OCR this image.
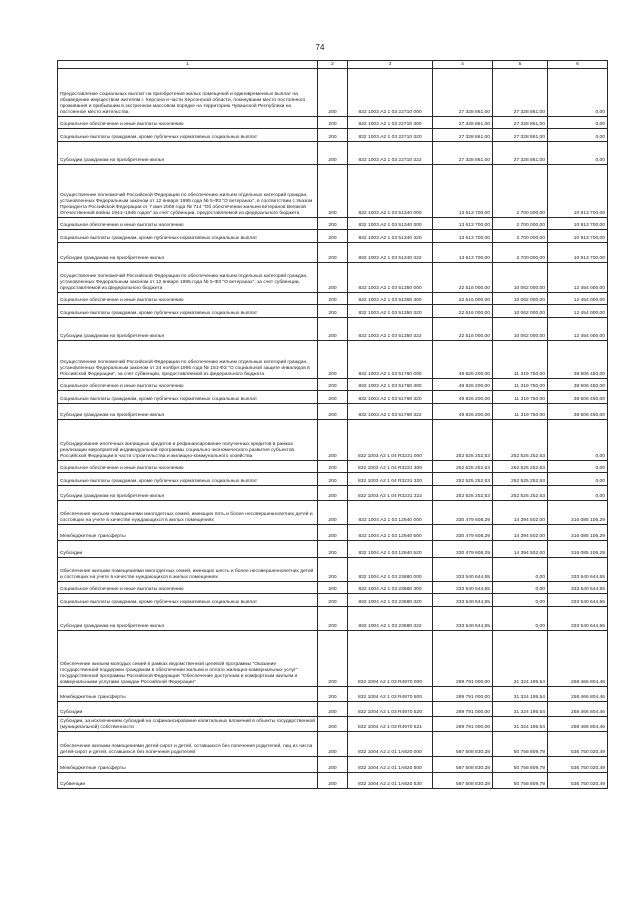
74
1	2	3	4	5	6
Предоставление социальных выплат на приобретение жилых помещений и единовременных выплат на обзаведение имуществом жителям г. Херсона и части Херсонской области, покинувшим место постоянного проживания и прибывшим в экстренном массовом порядке на территорию Чувашской Республики на постоянное место жительства	200	832 1003 А2 1 03 22710 000	27 328 861,00	27 328 861,00	0,00
Социальное обеспечение и иные выплаты населению	200	832 1003 А2 1 03 22710 300	27 328 861,00	27 328 861,00	0,00
Социальные выплаты гражданам, кроме публичных нормативных социальных выплат	200	832 1003 А2 1 03 22710 320	27 328 861,00	27 328 861,00	0,00
Субсидии гражданам на приобретение жилья	200	832 1003 А2 1 03 22710 322	27 328 861,00	27 328 861,00	0,00
Осуществление полномочий Российской Федерации по обеспечению жильем отдельных категорий граждан, установленных Федеральным законом от 12 января 1995 года № 5-ФЗ "О ветеранах", в соответствии с Указом Президента Российской Федерации от 7 мая 2008 года № 714 "Об обеспечении жильем ветеранов Великой Отечественной войны 1941–1945 годов" за счет субвенции, предоставляемой из федерального бюджета	200	832 1003 А2 1 03 51340 000	13 613 700,00	2 700 000,00	10 913 700,00
Социальное обеспечение и иные выплаты населению	200	832 1003 А2 1 03 51340 300	13 613 700,00	2 700 000,00	10 913 700,00
Социальные выплаты гражданам, кроме публичных нормативных социальных выплат	200	832 1003 А2 1 03 51340 320	13 613 700,00	2 700 000,00	10 913 700,00
Субсидии гражданам на приобретение жилья	200	832 1003 А2 1 03 51340 322	13 613 700,00	2 700 000,00	10 913 700,00
Осуществление полномочий Российской Федерации по обеспечению жильем отдельных категорий граждан, установленных Федеральным законом от 12 января 1995 года № 5-ФЗ "О ветеранах", за счет субвенции, предоставляемой из федерального бюджета	200	832 1003 А2 1 03 51350 000	22 516 000,00	10 062 000,00	12 454 000,00
Социальное обеспечение и иные выплаты населению	200	832 1003 А2 1 03 51350 300	22 516 000,00	10 062 000,00	12 454 000,00
Социальные выплаты гражданам, кроме публичных нормативных социальных выплат	200	832 1003 А2 1 03 51350 320	22 516 000,00	10 062 000,00	12 454 000,00
Субсидии гражданам на приобретение жилья	200	832 1003 А2 1 03 51350 322	22 516 000,00	10 062 000,00	12 454 000,00
Осуществление полномочий Российской Федерации по обеспечению жильем отдельных категорий граждан, установленных Федеральным законом от 24 ноября 1995 года № 181-ФЗ "О социальной защите инвалидов в Российской Федерации", за счет субвенции, предоставляемой из федерального бюджета	200	832 1003 А2 1 03 51760 000	49 826 200,00	11 319 750,00	38 506 450,00
Социальное обеспечение и иные выплаты населению	200	832 1003 А2 1 03 51760 300	49 826 200,00	11 319 750,00	38 506 450,00
Социальные выплаты гражданам, кроме публичных нормативных социальных выплат	200	832 1003 А2 1 03 51760 320	49 826 200,00	11 319 750,00	38 506 450,00
Субсидии гражданам на приобретение жилья	200	832 1003 А2 1 03 51760 322	49 826 200,00	11 319 750,00	38 506 450,00
Субсидирование ипотечных жилищных кредитов и рефинансирование полученных кредитов в рамках реализации мероприятий индивидуальной программы социально-экономического развития субъектов Российской Федерации в части строительства и жилищно-коммунального хозяйства	200	832 1003 А2 1 04 R3231 000	252 525 252,53	252 525 252,53	0,00
Социальное обеспечение и иные выплаты населению	200	832 1003 А2 1 04 R3231 300	252 525 252,53	252 525 252,53	0,00
Социальные выплаты гражданам, кроме публичных нормативных социальных выплат	200	832 1003 А2 1 04 R3231 320	252 525 252,53	252 525 252,53	0,00
Субсидии гражданам на приобретение жилья	200	832 1003 А2 1 04 R3231 322	252 525 252,53	252 525 252,53	0,00
Обеспечение жильем помещениями многодетных семей, имеющих пять и более несовершеннолетних детей и состоящих на учете в качестве нуждающихся в жилых помещениях	200	832 1004 А2 1 03 12940 000	330 479 608,29	14 394 502,00	316 085 106,29
Межбюджетные трансферты	200	832 1004 А2 1 03 12940 500	330 479 608,29	14 394 502,00	316 085 106,29
Субсидии	200	832 1004 А2 1 03 12940 520	330 479 608,29	14 394 502,00	316 085 106,29
Обеспечение жилыми помещениями многодетных семей, имеющих шесть и более несовершеннолетних детей и состоящих на учете в качестве нуждающихся в жилых помещениях	200	832 1004 А2 1 03 23680 000	333 540 644,55	0,00	333 540 644,55
Социальное обеспечение и иные выплаты населению	200	832 1004 А2 1 03 23680 300	333 540 644,55	0,00	333 540 644,55
Социальные выплаты гражданам, кроме публичных нормативных социальных выплат	200	832 1004 А2 1 03 23680 320	333 540 644,55	0,00	333 540 644,55
Субсидии гражданам на приобретение жилья	200	832 1004 А2 1 03 23680 322	333 540 644,55	0,00	333 540 644,55
Обеспечение жильем молодых семей в рамках ведомственной целевой программы "Оказание государственной поддержки гражданам в обеспечении жильем и оплате жилищно-коммунальных услуг" государственной программы Российской Федерации "Обеспечение доступным и комфортным жильем и коммунальными услугами граждан Российской Федерации"	200	832 1004 А2 1 03 R4970 000	289 791 000,00	31 324 195,54	258 466 804,46
Межбюджетные трансферты	200	832 1004 А2 1 03 R4970 500	289 791 000,00	31 324 195,54	258 466 804,46
Субсидии	200	832 1004 А2 1 03 R4970 520	289 791 000,00	31 324 195,54	258 466 804,46
Субсидии, за исключением субсидий на софинансирование капитальных вложений в объекты государственной (муниципальной) собственности	200	832 1004 А2 1 03 R4970 521	289 791 000,00	31 324 195,54	258 466 804,46
Обеспечение жилыми помещениями детей-сирот и детей, оставшихся без попечения родителей, лиц из числа детей-сирот и детей, оставшихся без попечения родителей	200	832 1004 А2 2 01 1А820 000	587 508 830,28	50 758 809,79	536 750 020,49
Межбюджетные трансферты	200	832 1004 А2 2 01 1А820 500	587 508 830,28	50 758 809,79	536 750 020,49
Субвенции	200	832 1004 А2 2 01 1А820 530	587 508 830,28	50 758 809,79	536 750 020,49
